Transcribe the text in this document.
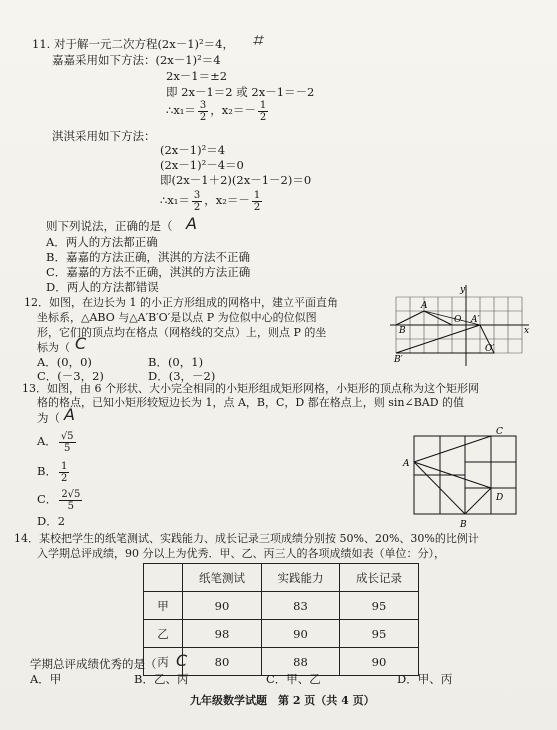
11. 对于解一元二次方程(2x－1)²＝4， ⌗
嘉嘉采用如下方法：(2x－1)²＝4
2x－1＝±2
即 2x－1＝2 或 2x－1＝－2
∴x₁＝ $\frac{3}{2}$ ，$x_2=- \frac{1}{2}$
淇淇采用如下方法：
(2x－1)²＝4
(2x－1)²－4＝0
即(2x－1＋2)(2x－1－2)＝0
∴x₁＝ $\frac{3}{2}$ ，$x_2=- \frac{1}{2}$
则下列说法，正确的是（ A
A．两人的方法都正确
B．嘉嘉的方法正确，淇淇的方法不正确
C．嘉嘉的方法不正确，淇淇的方法正确
D．两人的方法都错误
12．如图，在边长为 1 的小正方形组成的网格中，建立平面直角
坐标系，△ABO 与△A′B′O′是以点 P 为位似中心的位似图
形，它们的顶点均在格点（网格线的交点）上，则点 P 的坐
标为（ C
A．(0，0)	B．(0，1)
C．(－3，2)	D．(3，－2)
y
x
A
B
O A′
B′
O′
13．如图，由 6 个形状、大小完全相同的小矩形组成矩形网格，小矩形的顶点称为这个矩形网
格的格点，已知小矩形较短边长为 1，点 A，B，C，D 都在格点上，则 sin∠BAD 的值
为（ A
A． $\frac{√5}{5}$
B． $\frac{1}{2}$
C． $\frac{2√5}{5}$
D．2
A
B
C
D
14．某校把学生的纸笔测试、实践能力、成长记录三项成绩分别按 50%、20%、30%的比例计
入学期总评成绩，90 分以上为优秀．甲、乙、丙三人的各项成绩如表（单位：分），
	纸笔测试	实践能力	成长记录
甲	90	83	95
乙	98	90	95
丙	80	88	90
学期总评成绩优秀的是（ C
A．甲	B．乙、丙	C．甲、乙	D．甲、丙
九年级数学试题　第 2 页（共 4 页）
